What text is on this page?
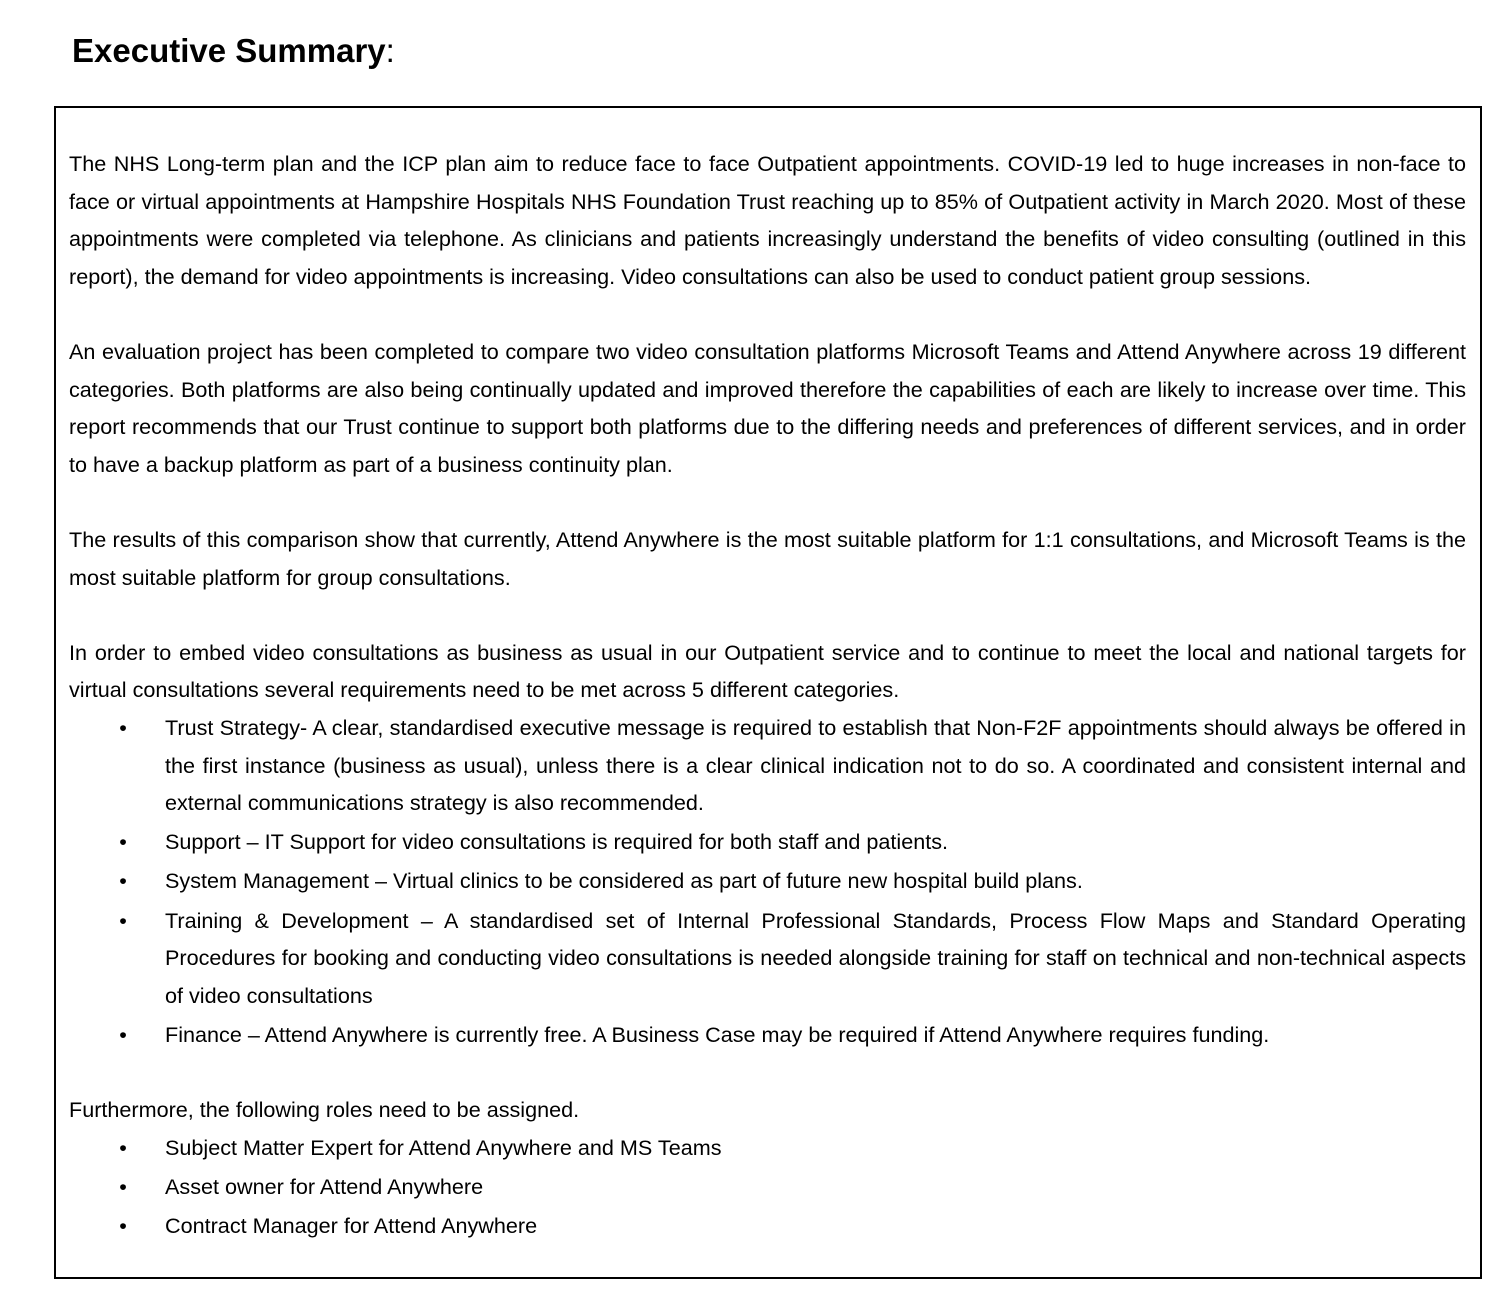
Executive Summary:

The NHS Long-term plan and the ICP plan aim to reduce face to face Outpatient appointments. COVID-19 led to huge increases in non-face to face or virtual appointments at Hampshire Hospitals NHS Foundation Trust reaching up to 85% of Outpatient activity in March 2020. Most of these appointments were completed via telephone. As clinicians and patients increasingly understand the benefits of video consulting (outlined in this report), the demand for video appointments is increasing. Video consultations can also be used to conduct patient group sessions.

An evaluation project has been completed to compare two video consultation platforms Microsoft Teams and Attend Anywhere across 19 different categories. Both platforms are also being continually updated and improved therefore the capabilities of each are likely to increase over time. This report recommends that our Trust continue to support both platforms due to the differing needs and preferences of different services, and in order to have a backup platform as part of a business continuity plan.

The results of this comparison show that currently, Attend Anywhere is the most suitable platform for 1:1 consultations, and Microsoft Teams is the most suitable platform for group consultations.

In order to embed video consultations as business as usual in our Outpatient service and to continue to meet the local and national targets for virtual consultations several requirements need to be met across 5 different categories.

• Trust Strategy- A clear, standardised executive message is required to establish that Non-F2F appointments should always be offered in the first instance (business as usual), unless there is a clear clinical indication not to do so. A coordinated and consistent internal and external communications strategy is also recommended.
• Support – IT Support for video consultations is required for both staff and patients.
• System Management – Virtual clinics to be considered as part of future new hospital build plans.
• Training & Development – A standardised set of Internal Professional Standards, Process Flow Maps and Standard Operating Procedures for booking and conducting video consultations is needed alongside training for staff on technical and non-technical aspects of video consultations
• Finance – Attend Anywhere is currently free. A Business Case may be required if Attend Anywhere requires funding.

Furthermore, the following roles need to be assigned.

• Subject Matter Expert for Attend Anywhere and MS Teams
• Asset owner for Attend Anywhere
• Contract Manager for Attend Anywhere
